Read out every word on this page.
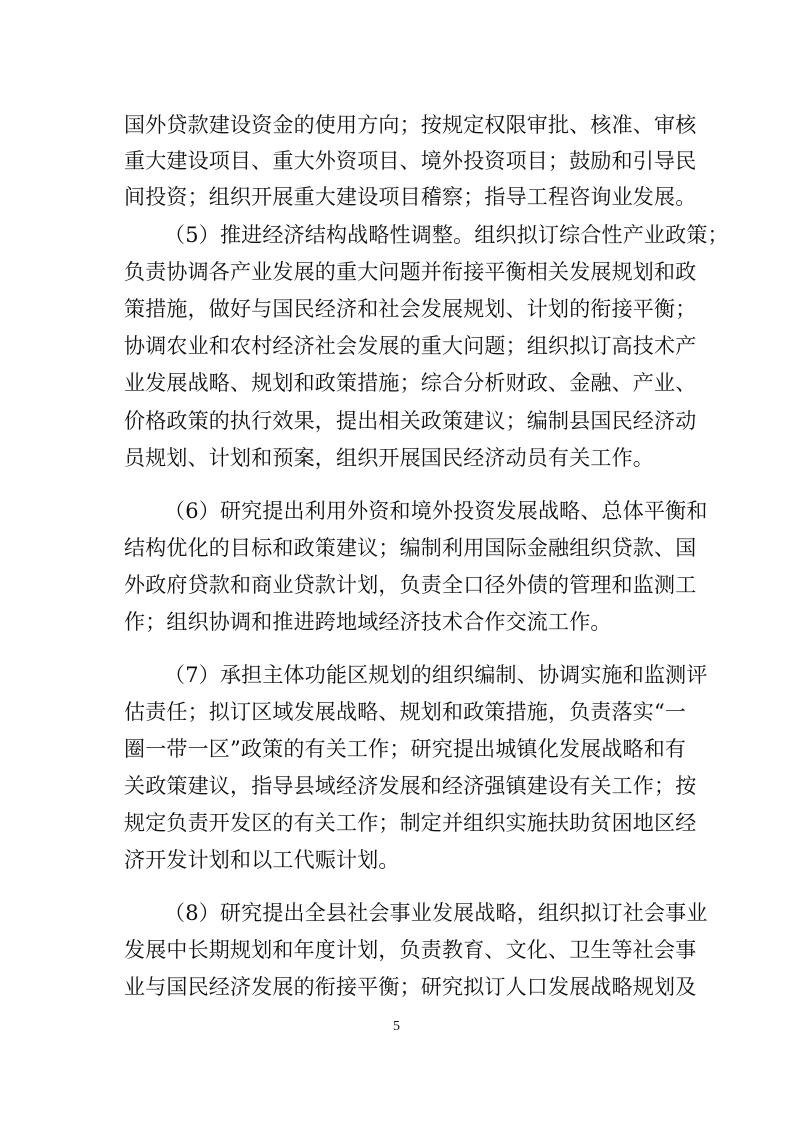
国外贷款建设资金的使用方向；按规定权限审批、核准、审核

重大建设项目、重大外资项目、境外投资项目；鼓励和引导民

间投资；组织开展重大建设项目稽察；指导工程咨询业发展。

（5）推进经济结构战略性调整。组织拟订综合性产业政策；

负责协调各产业发展的重大问题并衔接平衡相关发展规划和政

策措施，做好与国民经济和社会发展规划、计划的衔接平衡；

协调农业和农村经济社会发展的重大问题；组织拟订高技术产

业发展战略、规划和政策措施；综合分析财政、金融、产业、

价格政策的执行效果，提出相关政策建议；编制县国民经济动

员规划、计划和预案，组织开展国民经济动员有关工作。

（6）研究提出利用外资和境外投资发展战略、总体平衡和

结构优化的目标和政策建议；编制利用国际金融组织贷款、国

外政府贷款和商业贷款计划，负责全口径外债的管理和监测工

作；组织协调和推进跨地域经济技术合作交流工作。

（7）承担主体功能区规划的组织编制、协调实施和监测评

估责任；拟订区域发展战略、规划和政策措施，负责落实“一

圈一带一区”政策的有关工作；研究提出城镇化发展战略和有

关政策建议，指导县域经济发展和经济强镇建设有关工作；按

规定负责开发区的有关工作；制定并组织实施扶助贫困地区经

济开发计划和以工代赈计划。

（8）研究提出全县社会事业发展战略，组织拟订社会事业

发展中长期规划和年度计划，负责教育、文化、卫生等社会事

业与国民经济发展的衔接平衡；研究拟订人口发展战略规划及

5
